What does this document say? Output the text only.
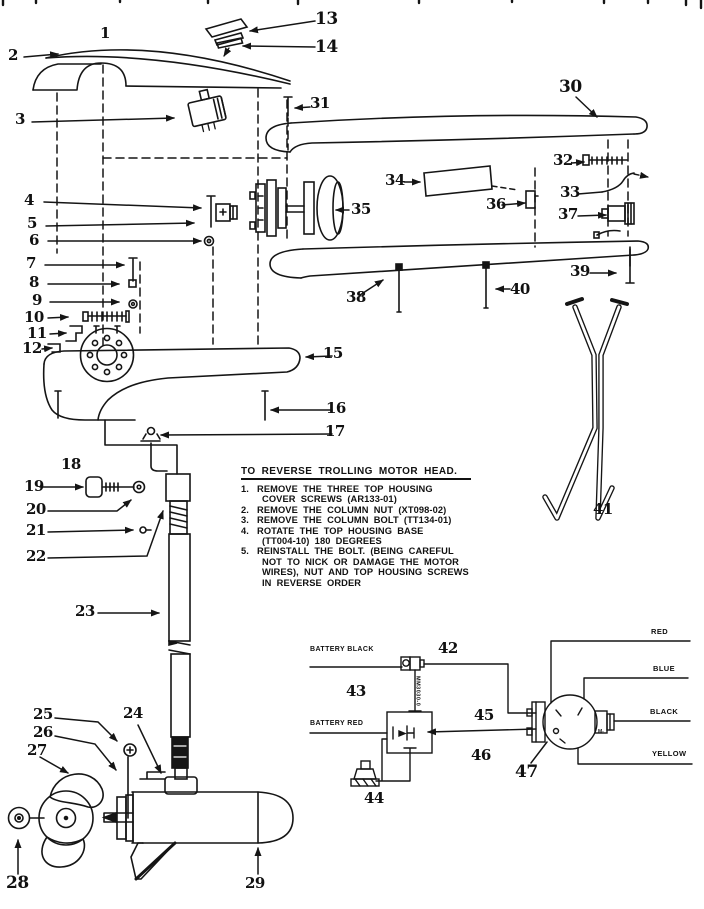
1
2
3
4
5
6
7
8
9
10
11
12
13
14
15
16
17
18
19
20
21
22
23
24
25
26
27
28	29
30
31
32
33
34
35	36
37
38
39
40
41
42
43
44
45
46
47
BATTERY BLACK
BATTERY RED
MM3030-0
M-
RED
BLUE
BLACK
YELLOW
TO REVERSE TROLLING MOTOR HEAD.
1. REMOVE THE THREE TOP HOUSING
COVER SCREWS (AR133-01)
2. REMOVE THE COLUMN NUT (XT098-02)
3. REMOVE THE COLUMN BOLT (TT134-01)
4. ROTATE THE TOP HOUSING BASE
(TT004-10) 180 DEGREES
5. REINSTALL THE BOLT. (BEING CAREFUL
NOT TO NICK OR DAMAGE THE MOTOR
WIRES), NUT AND TOP HOUSING SCREWS
IN REVERSE ORDER
